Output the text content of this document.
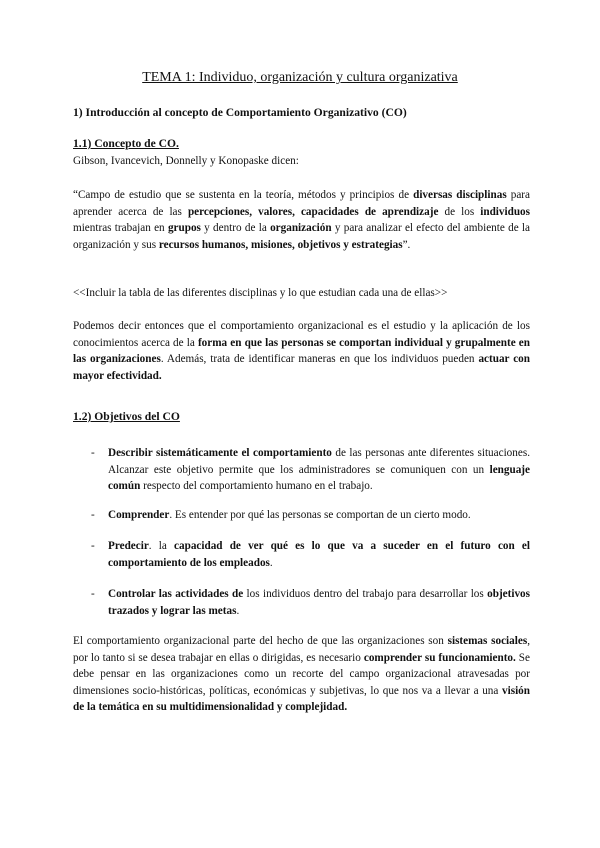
TEMA 1: Individuo, organización y cultura organizativa

1) Introducción al concepto de Comportamiento Organizativo (CO)

1.1) Concepto de CO.

Gibson, Ivancevich, Donnelly y Konopaske dicen:

“Campo de estudio que se sustenta en la teoría, métodos y principios de diversas disciplinas para aprender acerca de las percepciones, valores, capacidades de aprendizaje de los individuos mientras trabajan en grupos y dentro de la organización y para analizar el efecto del ambiente de la organización y sus recursos humanos, misiones, objetivos y estrategias”.

<<Incluir la tabla de las diferentes disciplinas y lo que estudian cada una de ellas>>

Podemos decir entonces que el comportamiento organizacional es el estudio y la aplicación de los conocimientos acerca de la forma en que las personas se comportan individual y grupalmente en las organizaciones. Además, trata de identificar maneras en que los individuos pueden actuar con mayor efectividad.

1.2) Objetivos del CO

- Describir sistemáticamente el comportamiento de las personas ante diferentes situaciones. Alcanzar este objetivo permite que los administradores se comuniquen con un lenguaje común respecto del comportamiento humano en el trabajo.

- Comprender. Es entender por qué las personas se comportan de un cierto modo.

- Predecir. la capacidad de ver qué es lo que va a suceder en el futuro con el comportamiento de los empleados.

- Controlar las actividades de los individuos dentro del trabajo para desarrollar los objetivos trazados y lograr las metas.

El comportamiento organizacional parte del hecho de que las organizaciones son sistemas sociales, por lo tanto si se desea trabajar en ellas o dirigidas, es necesario comprender su funcionamiento. Se debe pensar en las organizaciones como un recorte del campo organizacional atravesadas por dimensiones socio-históricas, políticas, económicas y subjetivas, lo que nos va a llevar a una visión de la temática en su multidimensionalidad y complejidad.
